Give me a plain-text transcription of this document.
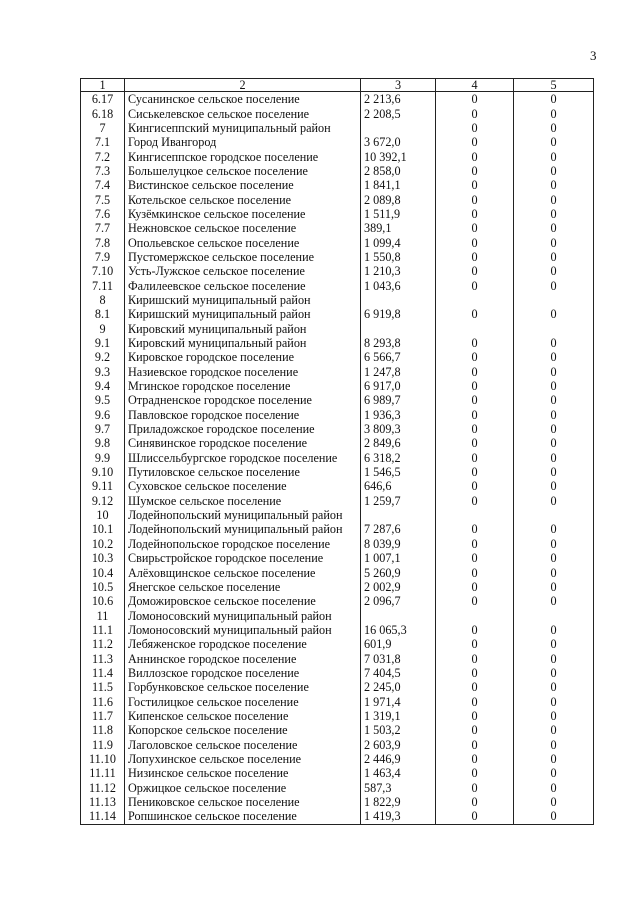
3
1	2	3	4	5
6.17	Сусанинское сельское поселение	2 213,6	0	0
6.18	Сиськелевское сельское поселение	2 208,5	0	0
7	Кингисеппский муниципальный район		0	0
7.1	Город Ивангород	3 672,0	0	0
7.2	Кингисеппское городское поселение	10 392,1	0	0
7.3	Большелуцкое сельское поселение	2 858,0	0	0
7.4	Вистинское сельское поселение	1 841,1	0	0
7.5	Котельское сельское поселение	2 089,8	0	0
7.6	Кузёмкинское сельское поселение	1 511,9	0	0
7.7	Нежновское сельское поселение	389,1	0	0
7.8	Опольевское сельское поселение	1 099,4	0	0
7.9	Пустомержское сельское поселение	1 550,8	0	0
7.10	Усть-Лужское сельское поселение	1 210,3	0	0
7.11	Фалилеевское сельское поселение	1 043,6	0	0
8	Киришский муниципальный район			
8.1	Киришский муниципальный район	6 919,8	0	0
9	Кировский муниципальный район			
9.1	Кировский муниципальный район	8 293,8	0	0
9.2	Кировское городское поселение	6 566,7	0	0
9.3	Назиевское городское поселение	1 247,8	0	0
9.4	Мгинское городское поселение	6 917,0	0	0
9.5	Отрадненское городское поселение	6 989,7	0	0
9.6	Павловское городское поселение	1 936,3	0	0
9.7	Приладожское городское поселение	3 809,3	0	0
9.8	Синявинское городское поселение	2 849,6	0	0
9.9	Шлиссельбургское городское поселение	6 318,2	0	0
9.10	Путиловское сельское поселение	1 546,5	0	0
9.11	Суховское сельское поселение	646,6	0	0
9.12	Шумское сельское поселение	1 259,7	0	0
10	Лодейнопольский муниципальный район			
10.1	Лодейнопольский муниципальный район	7 287,6	0	0
10.2	Лодейнопольское городское поселение	8 039,9	0	0
10.3	Свирьстройское городское поселение	1 007,1	0	0
10.4	Алёховщинское сельское поселение	5 260,9	0	0
10.5	Янегское сельское поселение	2 002,9	0	0
10.6	Доможировское сельское поселение	2 096,7	0	0
11	Ломоносовский муниципальный район			
11.1	Ломоносовский муниципальный район	16 065,3	0	0
11.2	Лебяженское городское поселение	601,9	0	0
11.3	Аннинское городское поселение	7 031,8	0	0
11.4	Виллозское городское поселение	7 404,5	0	0
11.5	Горбунковское сельское поселение	2 245,0	0	0
11.6	Гостилицкое сельское поселение	1 971,4	0	0
11.7	Кипенское сельское поселение	1 319,1	0	0
11.8	Копорское сельское поселение	1 503,2	0	0
11.9	Лаголовское сельское поселение	2 603,9	0	0
11.10	Лопухинское сельское поселение	2 446,9	0	0
11.11	Низинское сельское поселение	1 463,4	0	0
11.12	Оржицкое сельское поселение	587,3	0	0
11.13	Пениковское сельское поселение	1 822,9	0	0
11.14	Ропшинское сельское поселение	1 419,3	0	0
